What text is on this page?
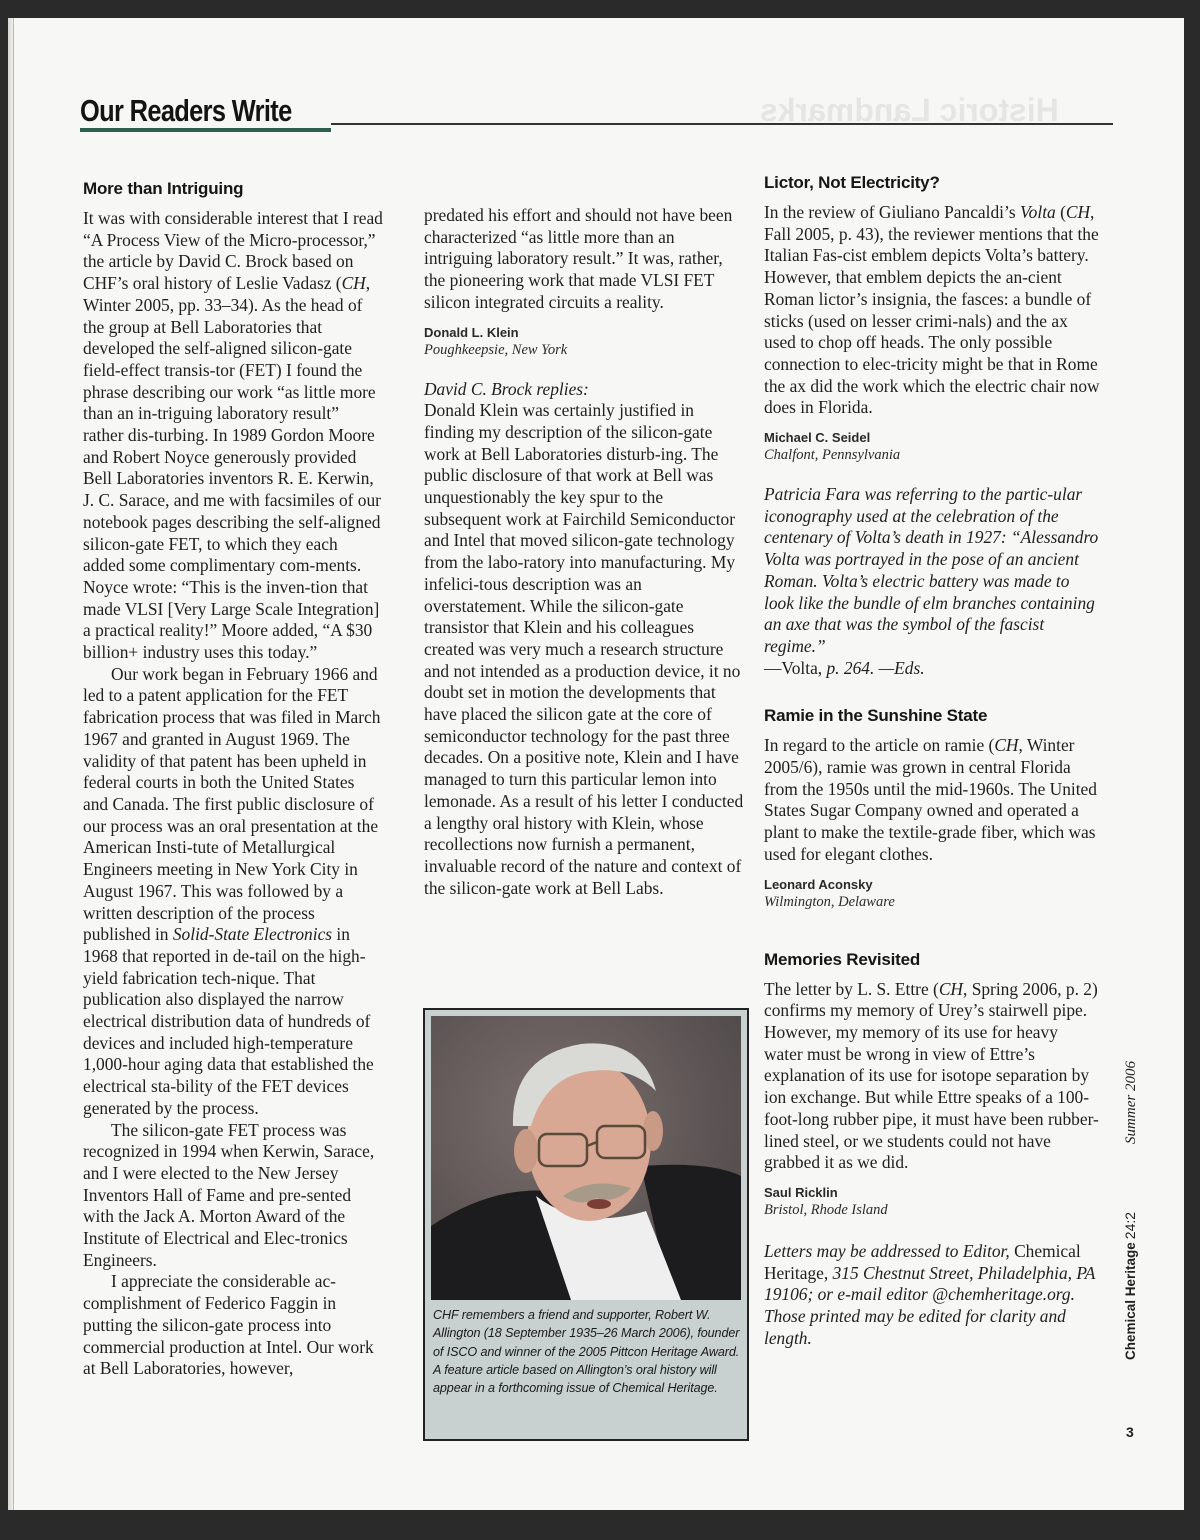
Our Readers Write
More than Intriguing

It was with considerable interest that I read “A Process View of the Micro-processor,” the article by David C. Brock based on CHF’s oral history of Leslie Vadasz (CH, Winter 2005, pp. 33–34). As the head of the group at Bell Laboratories that developed the self-aligned silicon-gate field-effect transis-tor (FET) I found the phrase describing our work “as little more than an in-triguing laboratory result” rather dis-turbing. In 1989 Gordon Moore and Robert Noyce generously provided Bell Laboratories inventors R. E. Kerwin, J. C. Sarace, and me with facsimiles of our notebook pages describing the self-aligned silicon-gate FET, to which they each added some complimentary com-ments. Noyce wrote: “This is the inven-tion that made VLSI [Very Large Scale Integration] a practical reality!” Moore added, “A $30 billion+ industry uses this today.”

Our work began in February 1966 and led to a patent application for the FET fabrication process that was filed in March 1967 and granted in August 1969. The validity of that patent has been upheld in federal courts in both the United States and Canada. The first public disclosure of our process was an oral presentation at the American Insti-tute of Metallurgical Engineers meeting in New York City in August 1967. This was followed by a written description of the process published in Solid-State Electronics in 1968 that reported in de-tail on the high-yield fabrication tech-nique. That publication also displayed the narrow electrical distribution data of hundreds of devices and included high-temperature 1,000-hour aging data that established the electrical sta-bility of the FET devices generated by the process.

The silicon-gate FET process was recognized in 1994 when Kerwin, Sarace, and I were elected to the New Jersey Inventors Hall of Fame and pre-sented with the Jack A. Morton Award of the Institute of Electrical and Elec-tronics Engineers.

I appreciate the considerable ac-complishment of Federico Faggin in putting the silicon-gate process into commercial production at Intel. Our work at Bell Laboratories, however,

predated his effort and should not have been characterized “as little more than an intriguing laboratory result.” It was, rather, the pioneering work that made VLSI FET silicon integrated circuits a reality.

Donald L. Klein
Poughkeepsie, New York

David C. Brock replies:

Donald Klein was certainly justified in finding my description of the silicon-gate work at Bell Laboratories disturb-ing. The public disclosure of that work at Bell was unquestionably the key spur to the subsequent work at Fairchild Semiconductor and Intel that moved silicon-gate technology from the labo-ratory into manufacturing. My infelici-tous description was an overstatement. While the silicon-gate transistor that Klein and his colleagues created was very much a research structure and not intended as a production device, it no doubt set in motion the developments that have placed the silicon gate at the core of semiconductor technology for the past three decades. On a positive note, Klein and I have managed to turn this particular lemon into lemonade. As a result of his letter I conducted a lengthy oral history with Klein, whose recollections now furnish a permanent, invaluable record of the nature and context of the silicon-gate work at Bell Labs.

CHF remembers a friend and supporter, Robert W. Allington (18 September 1935–26 March 2006), founder of ISCO and winner of the 2005 Pittcon Heritage Award. A feature article based on Allington’s oral history will appear in a forthcoming issue of Chemical Heritage.
Lictor, Not Electricity?

In the review of Giuliano Pancaldi’s Volta (CH, Fall 2005, p. 43), the reviewer mentions that the Italian Fas-cist emblem depicts Volta’s battery. However, that emblem depicts the an-cient Roman lictor’s insignia, the fasces: a bundle of sticks (used on lesser crimi-nals) and the ax used to chop off heads. The only possible connection to elec-tricity might be that in Rome the ax did the work which the electric chair now does in Florida.

Michael C. Seidel
Chalfont, Pennsylvania

Patricia Fara was referring to the partic-ular iconography used at the celebration of the centenary of Volta’s death in 1927: “Alessandro Volta was portrayed in the pose of an ancient Roman. Volta’s electric battery was made to look like the bundle of elm branches containing an axe that was the symbol of the fascist regime.”
—Volta, p. 264. —Eds.

Ramie in the Sunshine State

In regard to the article on ramie (CH, Winter 2005/6), ramie was grown in central Florida from the 1950s until the mid-1960s. The United States Sugar Company owned and operated a plant to make the textile-grade fiber, which was used for elegant clothes.

Leonard Aconsky
Wilmington, Delaware
Memories Revisited

The letter by L. S. Ettre (CH, Spring 2006, p. 2) confirms my memory of Urey’s stairwell pipe. However, my memory of its use for heavy water must be wrong in view of Ettre’s explanation of its use for isotope separation by ion exchange. But while Ettre speaks of a 100-foot-long rubber pipe, it must have been rubber-lined steel, or we students could not have grabbed it as we did.

Saul Ricklin
Bristol, Rhode Island

Letters may be addressed to Editor, Chemical Heritage, 315 Chestnut Street, Philadelphia, PA 19106; or e-mail editor @chemheritage.org. Those printed may be edited for clarity and length.	Chemical Heritage24:2Summer 2006
3
